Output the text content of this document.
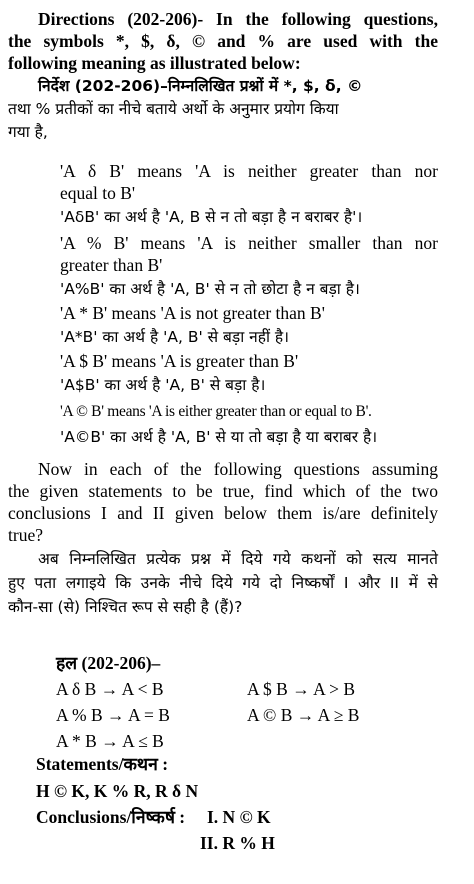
Directions (202-206)- In the following questions,
the symbols *, $, δ, © and % are used with the
following meaning as illustrated below:
निर्देश (202-206)–निम्नलिखित प्रश्नों में *, $, δ, ©
तथा % प्रतीकों का नीचे बताये अर्थो के अनुमार प्रयोग किया
गया है,
'A δ B' means 'A is neither greater than nor
equal to B'
'AδB' का अर्थ है 'A, B से न तो बड़ा है न बराबर है'।
'A % B' means 'A is neither smaller than nor
greater than B'
'A%B' का अर्थ है 'A, B' से न तो छोटा है न बड़ा है।
'A * B' means 'A is not greater than B'
'A*B' का अर्थ है 'A, B' से बड़ा नहीं है।
'A $ B' means 'A is greater than B'
'A$B' का अर्थ है 'A, B' से बड़ा है।
'A © B' means 'A is either greater than or equal to B'.
'A©B' का अर्थ है 'A, B' से या तो बड़ा है या बराबर है।
Now in each of the following questions assuming
the given statements to be true, find which of the two
conclusions I and II given below them is/are definitely
true?
अब निम्नलिखित प्रत्येक प्रश्न में दिये गये कथनों को सत्य मानते
हुए पता लगाइये कि उनके नीचे दिये गये दो निष्कर्षों I और II में से
कौन-सा (से) निश्चित रूप से सही है (हैं)?
हल (202-206)–
A δ B → A < B	A $ B → A > B
A % B → A = B	A © B → A ≥ B
A * B → A ≤ B
Statements/कथन :
H © K, K % R, R δ N
Conclusions/निष्कर्ष : I. N © K
II. R % H
